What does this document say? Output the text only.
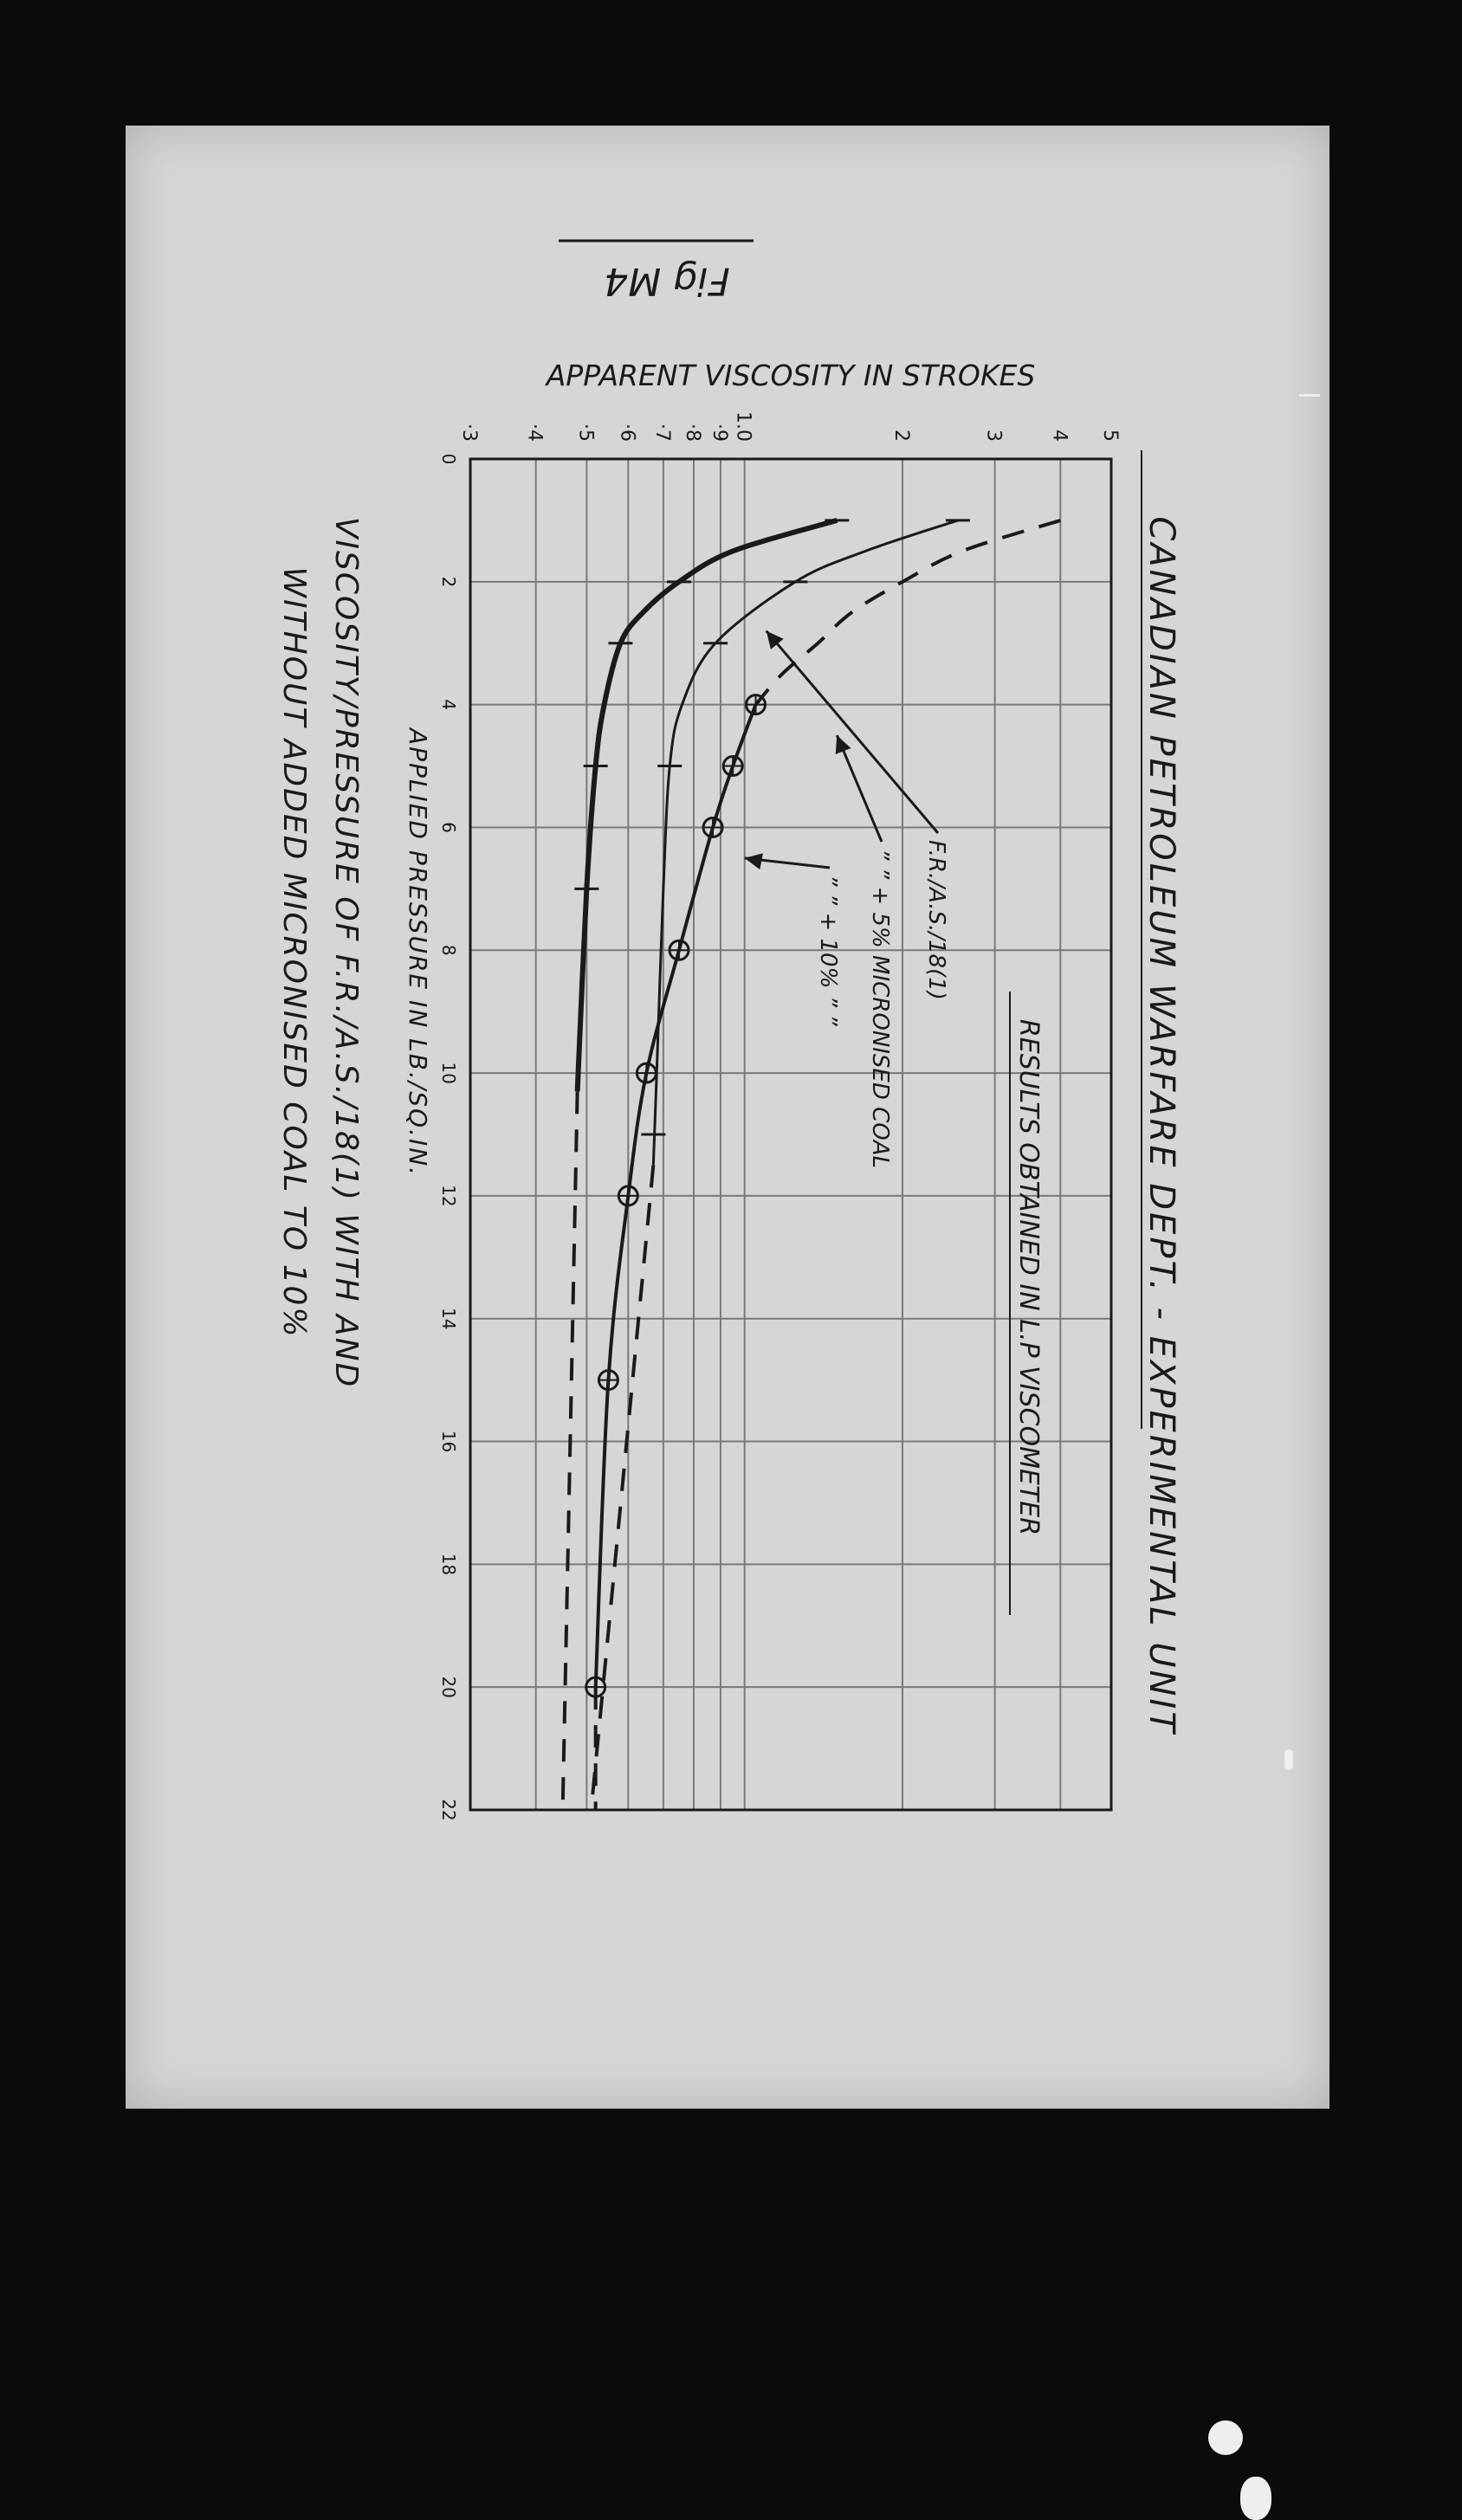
0
2
4
6
8
10
12
14
16
18
20
22
·3 ·4 ·5 ·6 ·7 ·8 ·9 1.0	2	3 4 5
CANADIAN PETROLEUM WARFARE DEPT. - EXPERIMENTAL UNIT
RESULTS OBTAINED IN L.P VISCOMETER
APPARENT VISCOSITY IN STROKES
APPLIED PRESSURE IN LB./SQ.IN.
VISCOSITY/PRESSURE OF F.R./A.S./18(1) WITH AND
WITHOUT ADDED MICRONISED COAL TO 10%	F.R./A.S./18(1)
” ” + 5% MICRONISED COAL
” ” + 10% ” ”
Fig M4
